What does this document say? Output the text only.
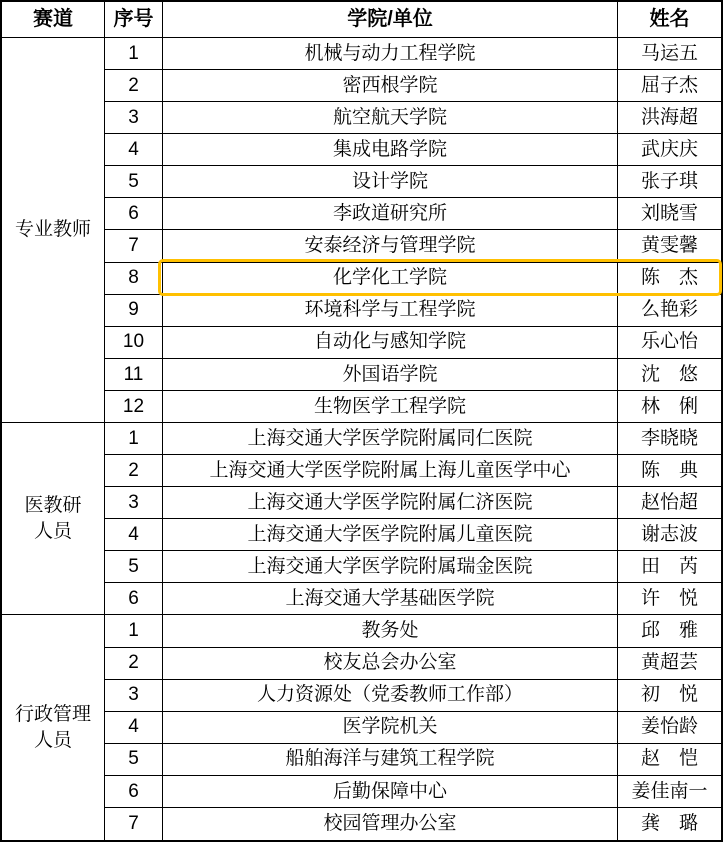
赛道	序号	学院/单位	姓名
专业教师
1	机械与动力工程学院	马运五
2	密西根学院	屈子杰
3	航空航天学院	洪海超
4	集成电路学院	武庆庆
5	设计学院	张子琪
6	李政道研究所	刘晓雪
7	安泰经济与管理学院	黄雯馨
8	化学化工学院	陈　杰
9	环境科学与工程学院	么艳彩
10	自动化与感知学院	乐心怡
11	外国语学院	沈　悠
12	生物医学工程学院	林　俐
医教研
人员
1	上海交通大学医学院附属同仁医院	李晓晓
2	上海交通大学医学院附属上海儿童医学中心	陈　典
3	上海交通大学医学院附属仁济医院	赵怡超
4	上海交通大学医学院附属儿童医院	谢志波
5	上海交通大学医学院附属瑞金医院	田　芮
6	上海交通大学基础医学院	许　悦
行政管理
人员
1	教务处	邱　雅
2	校友总会办公室	黄超芸
3	人力资源处（党委教师工作部）	初　悦
4	医学院机关	姜怡龄
5	船舶海洋与建筑工程学院	赵　恺
6	后勤保障中心	姜佳南一
7	校园管理办公室	龚　璐
